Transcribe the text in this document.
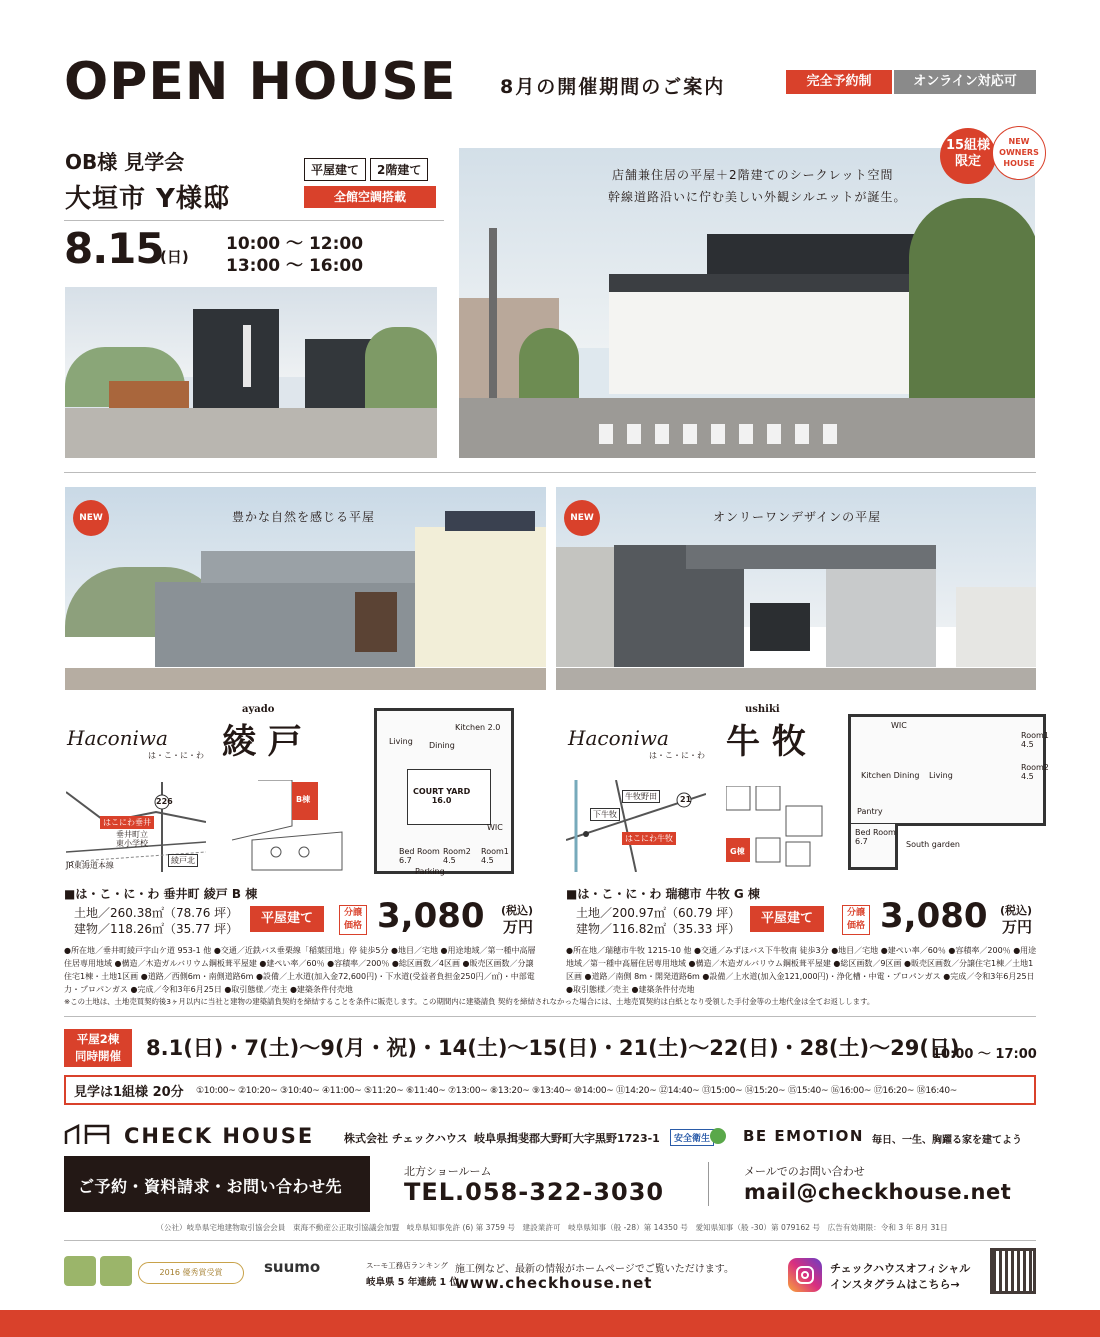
OPEN HOUSE 8月の開催期間のご案内	完全予約制	オンライン対応可
OB様 見学会
大垣市 Y様邸
平屋建て	2階建て
全館空調搭載
8.15
(日)
10:00 ～ 12:00
13:00 ～ 16:00
店舗兼住居の平屋＋2階建てのシークレット空間
幹線道路沿いに佇む美しい外観シルエットが誕生。
15組様
限定
NEW
OWNERS
HOUSE
NEW	豊かな自然を感じる平屋
Haconiwa
は・こ・に・わ
ayado
綾 戸	Living Dining
Kitchen 2.0
COURT YARD
16.0
WIC
Bed Room
6.7
Room2
4.5
Room1
4.5
Parking
226
はこにわ垂井
垂井町立
東小学校
JR東海道本線
綾戸北
B棟
■は・こ・に・わ 垂井町 綾戸 B 棟
土地／260.38㎡（78.76 坪）
建物／118.26㎡（35.77 坪）
平屋建て	分譲
価格 3,080 (税込)
万円
●所在地／垂井町綾戸字山ケ道 953-1 他 ●交通／近鉄バス垂栗線「稲葉団地」停 徒歩5分 ●地目／宅地 ●用途地域／第一種中高層住居専用地域 ●構造／木造ガルバリウム鋼板葺平屋建 ●建ぺい率／60％ ●容積率／200％ ●総区画数／4区画 ●販売区画数／分譲住宅1棟・土地1区画 ●道路／西側6m・南側道路6m ●設備／上水道(加入金72,600円)・下水道(受益者負担金250円／㎡)・中部電力・プロパンガス ●完成／令和3年6月25日 ●取引態様／売主 ●建築条件付売地
NEW	オンリーワンデザインの平屋
Haconiwa
は・こ・に・わ
ushiki
牛 牧	WIC
Kitchen Dining Living
Room1
4.5
Room2
4.5
Pantry
Bed Room
6.7	South garden
21
牛牧野田
下牛牧
はこにわ牛牧
G棟
■は・こ・に・わ 瑞穂市 牛牧 G 棟
土地／200.97㎡（60.79 坪）
建物／116.82㎡（35.33 坪）
平屋建て	分譲
価格 3,080 (税込)
万円
●所在地／瑞穂市牛牧 1215-10 他 ●交通／みずほバス下牛牧南 徒歩3分 ●地目／宅地 ●建ぺい率／60％ ●容積率／200％ ●用途地域／第一種中高層住居専用地域 ●構造／木造ガルバリウム鋼板葺平屋建 ●総区画数／9区画 ●販売区画数／分譲住宅1棟／土地1区画 ●道路／南側 8m・開発道路6m ●設備／上水道(加入金121,000円)・浄化槽・中電・プロパンガス ●完成／令和3年6月25日 ●取引態様／売主 ●建築条件付売地
※この土地は、土地売買契約後3ヶ月以内に当社と建物の建築請負契約を締結することを条件に販売します。この期間内に建築請負 契約を締結されなかった場合には、土地売買契約は白紙となり受領した手付金等の土地代金は全てお返しします。
平屋2棟
同時開催	8.1(日)・7(土)～9(月・祝)・14(土)～15(日)・21(土)～22(日)・28(土)～29(日)
10:00 ～ 17:00
見学は1組様 20分 ①10:00~ ②10:20~ ③10:40~ ④11:00~ ⑤11:20~ ⑥11:40~ ⑦13:00~ ⑧13:20~ ⑨13:40~ ⑩14:00~ ⑪14:20~ ⑫14:40~ ⑬15:00~ ⑭15:20~ ⑮15:40~ ⑯16:00~ ⑰16:20~ ⑱16:40~
CHECK HOUSE	株式会社 チェックハウス 岐阜県揖斐郡大野町大字黒野1723-1	安全衛生 BE EMOTION 毎日、一生、胸躍る家を建てよう
ご予約・資料請求・お問い合わせ先
北方ショールーム
TEL.058-322-3030
メールでのお問い合わせ
mail@checkhouse.net
（公社）岐阜県宅地建物取引協会会員　東海不動産公正取引協議会加盟　岐阜県知事免許 (6) 第 3759 号　建設業許可　岐阜県知事（般 -28）第 14350 号　愛知県知事（般 -30）第 079162 号　広告有効期限：令和 3 年 8月 31日
2016 優秀賞受賞	suumo	スーモ工務店ランキング
岐阜県 5 年連続 1 位
施工例など、最新の情報がホームページでご覧いただけます。
www.checkhouse.net
チェックハウスオフィシャル
インスタグラムはこちら→
